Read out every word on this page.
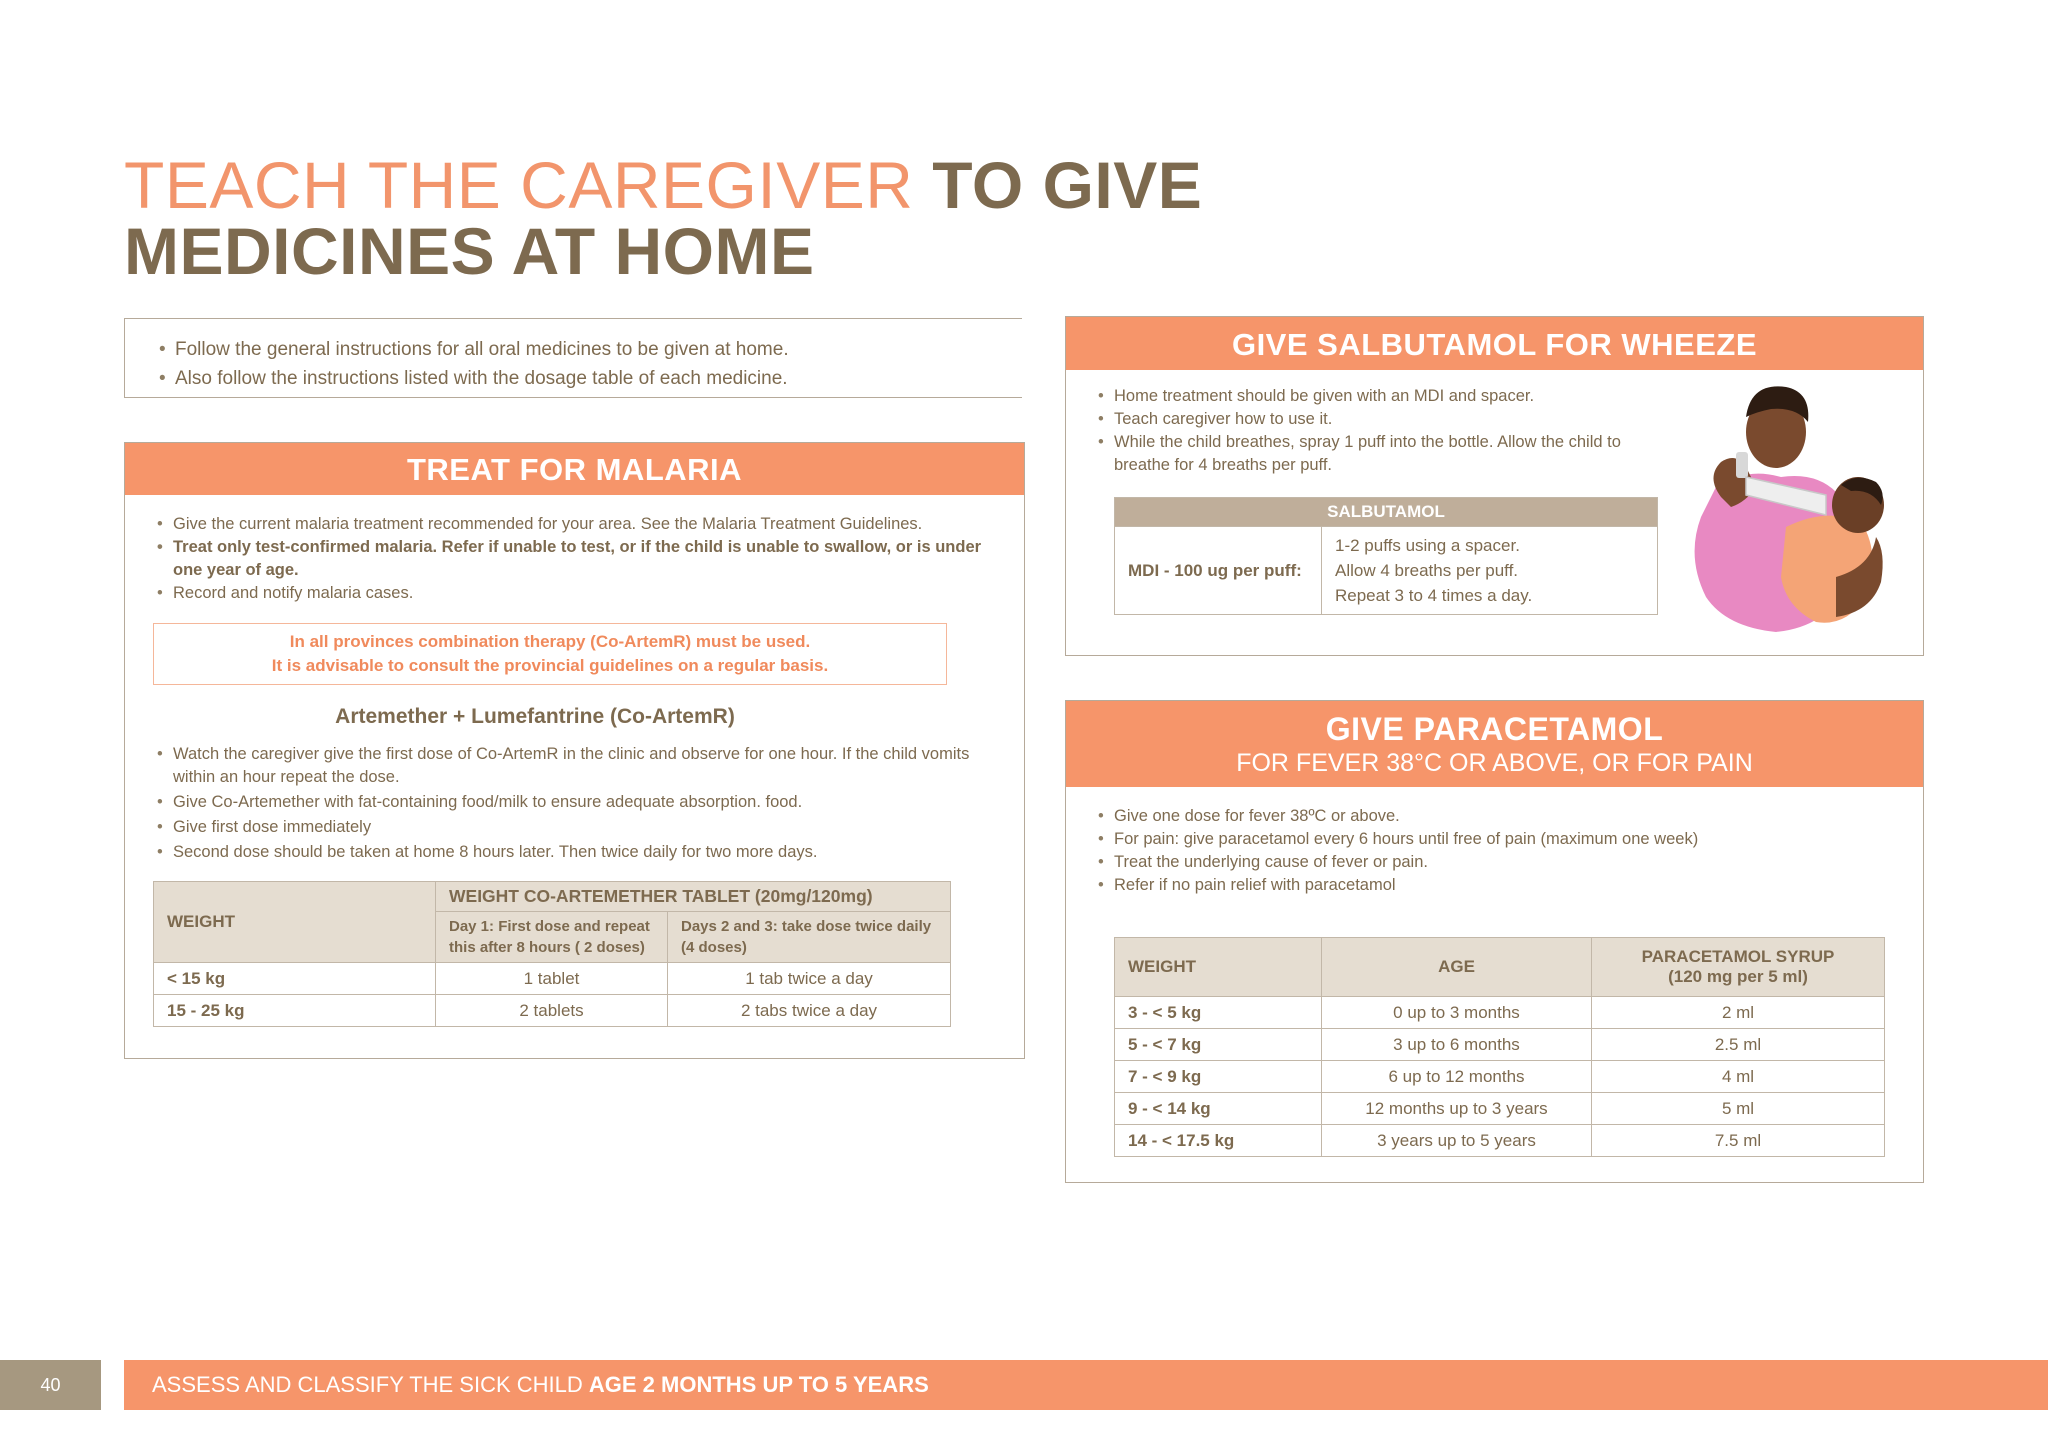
TEACH THE CAREGIVER TO GIVE
MEDICINES AT HOME
• Follow the general instructions for all oral medicines to be given at home.
• Also follow the instructions listed with the dosage table of each medicine.
TREAT FOR MALARIA
• Give the current malaria treatment recommended for your area. See the Malaria Treatment Guidelines.
• Treat only test-confirmed malaria. Refer if unable to test, or if the child is unable to swallow, or is under one year of age.
• Record and notify malaria cases.
In all provinces combination therapy (Co-ArtemR) must be used.
It is advisable to consult the provincial guidelines on a regular basis.
Artemether + Lumefantrine (Co-ArtemR)
• Watch the caregiver give the first dose of Co-ArtemR in the clinic and observe for one hour. If the child vomits within an hour repeat the dose.
• Give Co-Artemether with fat-containing food/milk to ensure adequate absorption. food.
• Give first dose immediately
• Second dose should be taken at home 8 hours later. Then twice daily for two more days.
WEIGHT	WEIGHT CO-ARTEMETHER TABLET (20mg/120mg)	
	Day 1: First dose and repeat this after 8 hours ( 2 doses)	Days 2 and 3: take dose twice daily (4 doses)
< 15 kg	1 tablet	1 tab twice a day
15 - 25 kg	2 tablets	2 tabs twice a day
GIVE SALBUTAMOL FOR WHEEZE
• Home treatment should be given with an MDI and spacer.
• Teach caregiver how to use it.
• While the child breathes, spray 1 puff into the bottle. Allow the child to breathe for 4 breaths per puff.
SALBUTAMOL
MDI - 100 ug per puff:	
1-2 puffs using a spacer.
Allow 4 breaths per puff.
Repeat 3 to 4 times a day.
GIVE PARACETAMOL
FOR FEVER 38°C OR ABOVE, OR FOR PAIN
• Give one dose for fever 38ºC or above.
• For pain: give paracetamol every 6 hours until free of pain (maximum one week)
• Treat the underlying cause of fever or pain.
• Refer if no pain relief with paracetamol
WEIGHT	AGE	PARACETAMOL SYRUP
(120 mg per 5 ml)

3 - < 5 kg	0 up to 3 months	2 ml
5 - < 7 kg	3 up to 6 months	2.5 ml
7 - < 9 kg	6 up to 12 months	4 ml
9 - < 14 kg	12 months up to 3 years	5 ml
14 - < 17.5 kg	3 years up to 5 years	7.5 ml
40	ASSESS AND CLASSIFY THE SICK CHILD AGE 2 MONTHS UP TO 5 YEARS
